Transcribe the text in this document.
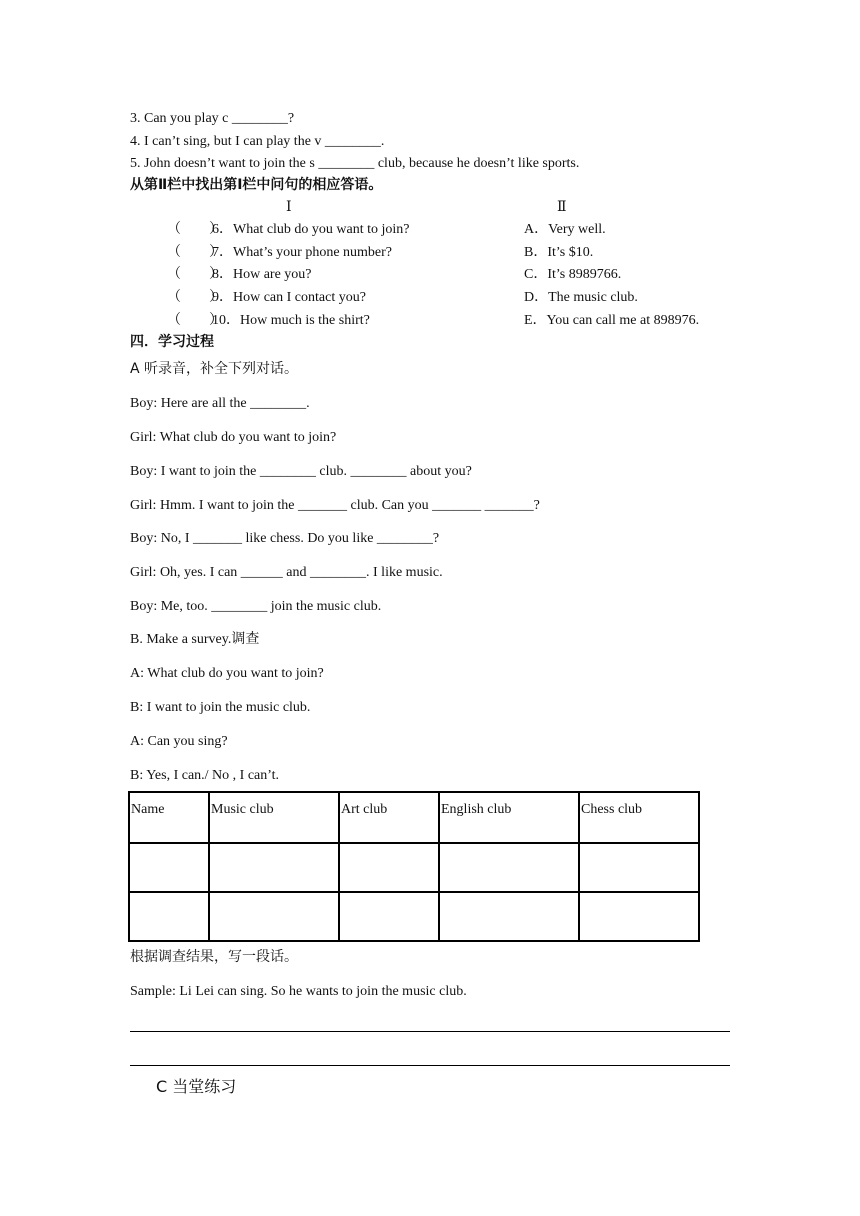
3. Can you play c ________?
4. I can’t sing, but I can play the v ________.
5. John doesn’t want to join the s ________ club, because he doesn’t like sports.
从第Ⅱ栏中找出第Ⅰ栏中问句的相应答语。
Ⅰ	Ⅱ
（　　）
6．What club do you want to join?	A．Very well.
（　　）
7．What’s your phone number?	B．It’s $10.
（　　）
8．How are you?	C．It’s 8989766.
（　　）
9．How can I contact you?	D．The music club.
（　　）
10．How much is the shirt?	E．You can call me at 898976.
四．学习过程
A 听录音，补全下列对话。
Boy: Here are all the ________.
Girl: What club do you want to join?
Boy: I want to join the ________ club. ________ about you?
Girl: Hmm. I want to join the _______ club. Can you _______ _______?
Boy: No, I _______ like chess. Do you like ________?
Girl: Oh, yes. I can ______ and ________. I like music.
Boy: Me, too. ________ join the music club.
B. Make a survey.调查
A: What club do you want to join?
B: I want to join the music club.
A: Can you sing?
B: Yes, I can./ No , I can’t.
Name	Music club	Art club	English club	Chess club

根据调查结果，写一段话。
Sample: Li Lei can sing. So he wants to join the music club.
C 当堂练习
